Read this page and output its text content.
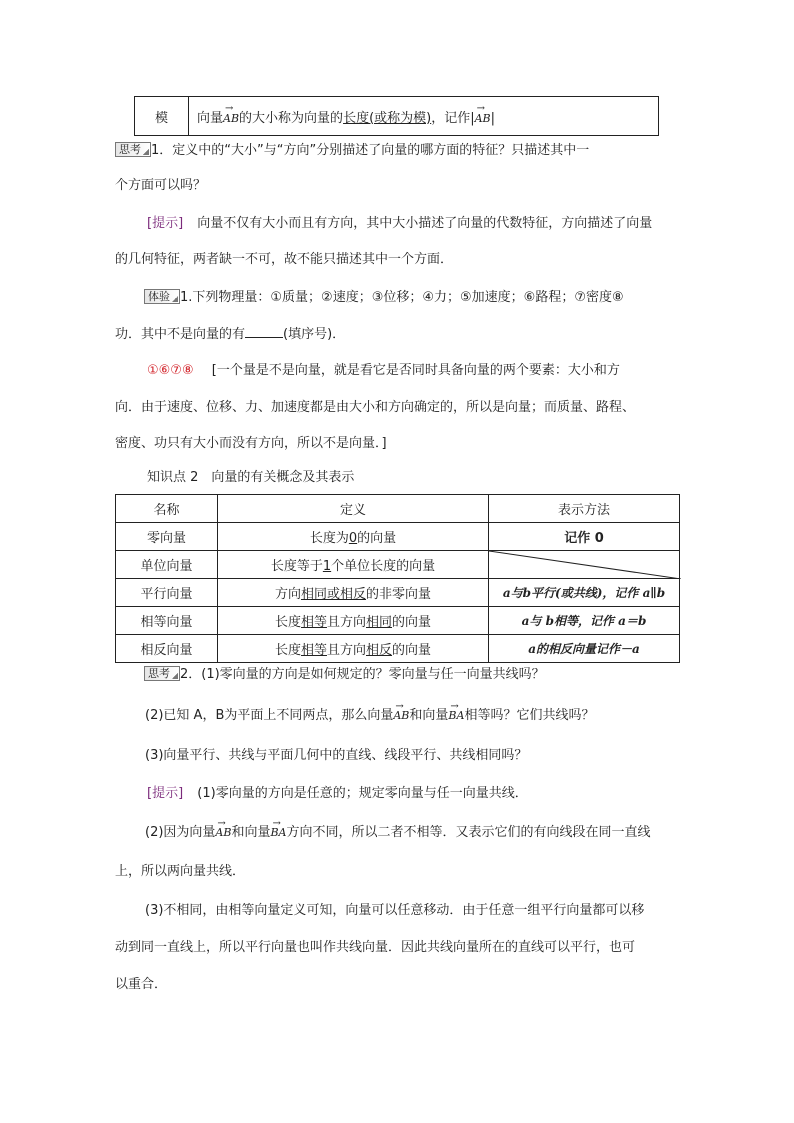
模	向量→ AB的大小称为向量的长度(或称为模)，记作|→ AB|
思考 1．定义中的“大小”与“方向”分别描述了向量的哪方面的特征？只描述其中一
个方面可以吗？
[提示] 向量不仅有大小而且有方向，其中大小描述了向量的代数特征，方向描述了向量
的几何特征，两者缺一不可，故不能只描述其中一个方面．
体验 1.下列物理量：①质量；②速度；③位移；④力；⑤加速度；⑥路程；⑦密度⑧
功．其中不是向量的有	(填序号)．
①⑥⑦⑧ [一个量是不是向量，就是看它是否同时具备向量的两个要素：大小和方
向．由于速度、位移、力、加速度都是由大小和方向确定的，所以是向量；而质量、路程、
密度、功只有大小而没有方向，所以不是向量．]
知识点 2　向量的有关概念及其表示
名称	定义	表示方法
零向量	长度为0的向量	记作 0
单位向量	长度等于1个单位长度的向量	

平行向量	方向相同或相反的非零向量	a与b平行(或共线)，记作 a∥b
相等向量	长度相等且方向相同的向量	a与 b相等，记作 a＝b
相反向量	长度相等且方向相反的向量	a的相反向量记作－a
思考 2．(1)零向量的方向是如何规定的？零向量与任一向量共线吗？
(2)已知 A，B为平面上不同两点，那么向量→ AB和向量→ BA相等吗？它们共线吗？
(3)向量平行、共线与平面几何中的直线、线段平行、共线相同吗？
[提示] (1)零向量的方向是任意的；规定零向量与任一向量共线．
(2)因为向量→ AB和向量→ BA方向不同，所以二者不相等．又表示它们的有向线段在同一直线
上，所以两向量共线．
(3)不相同，由相等向量定义可知，向量可以任意移动．由于任意一组平行向量都可以移
动到同一直线上，所以平行向量也叫作共线向量．因此共线向量所在的直线可以平行，也可
以重合．
